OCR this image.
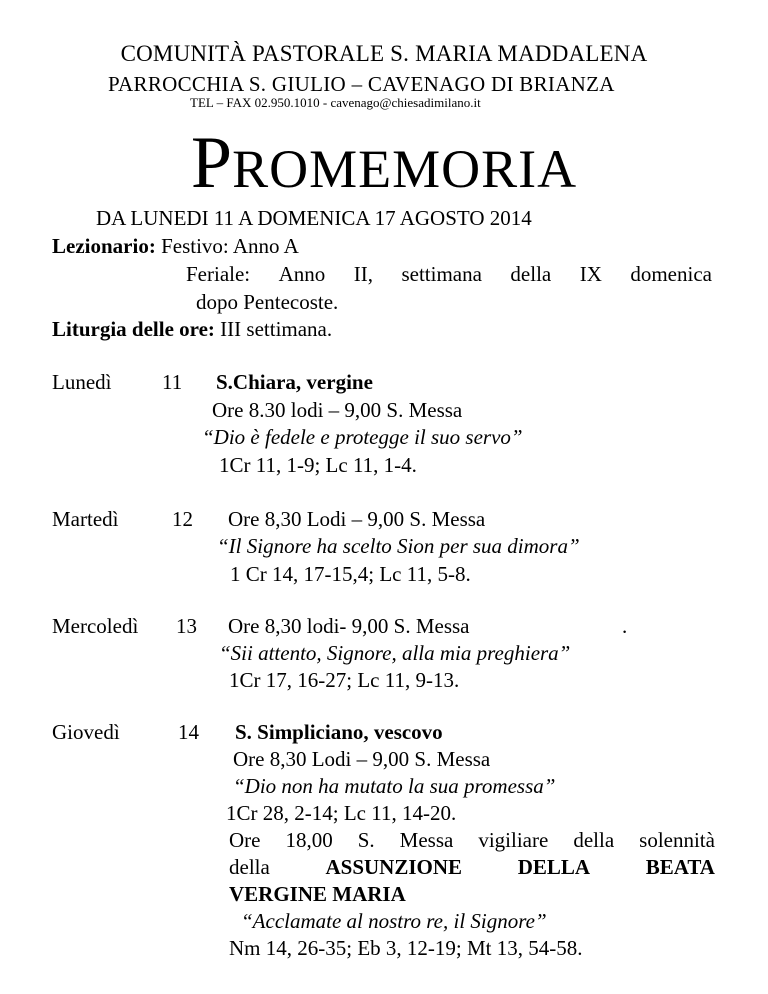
COMUNITÀ PASTORALE S. MARIA MADDALENA
PARROCCHIA S. GIULIO – CAVENAGO DI BRIANZA
TEL – FAX 02.950.1010 - cavenago@chiesadimilano.it
PROMEMORIA
DA LUNEDI 11 A DOMENICA 17 AGOSTO 2014
Lezionario: Festivo: Anno A
Feriale: Anno II, settimana della IX domenica
dopo Pentecoste.
Liturgia delle ore: III settimana.
Lunedì 11 S.Chiara, vergine
Ore 8.30 lodi – 9,00 S. Messa
“Dio è fedele e protegge il suo servo”
1Cr 11, 1-9; Lc 11, 1-4.
Martedì	12 Ore 8,30 Lodi – 9,00 S. Messa
“Il Signore ha scelto Sion per sua dimora”
1 Cr 14, 17-15,4; Lc 11, 5-8.
Mercoledì 13 Ore 8,30 lodi- 9,00 S. Messa	.
“Sii attento, Signore, alla mia preghiera”
1Cr 17, 16-27; Lc 11, 9-13.
Giovedì	14 S. Simpliciano, vescovo
Ore 8,30 Lodi – 9,00 S. Messa
“Dio non ha mutato la sua promessa”
1Cr 28, 2-14; Lc 11, 14-20.
Ore 18,00 S. Messa vigiliare della solennità
della	ASSUNZIONE	DELLA	BEATA
VERGINE MARIA
“Acclamate al nostro re, il Signore”
Nm 14, 26-35; Eb 3, 12-19; Mt 13, 54-58.
